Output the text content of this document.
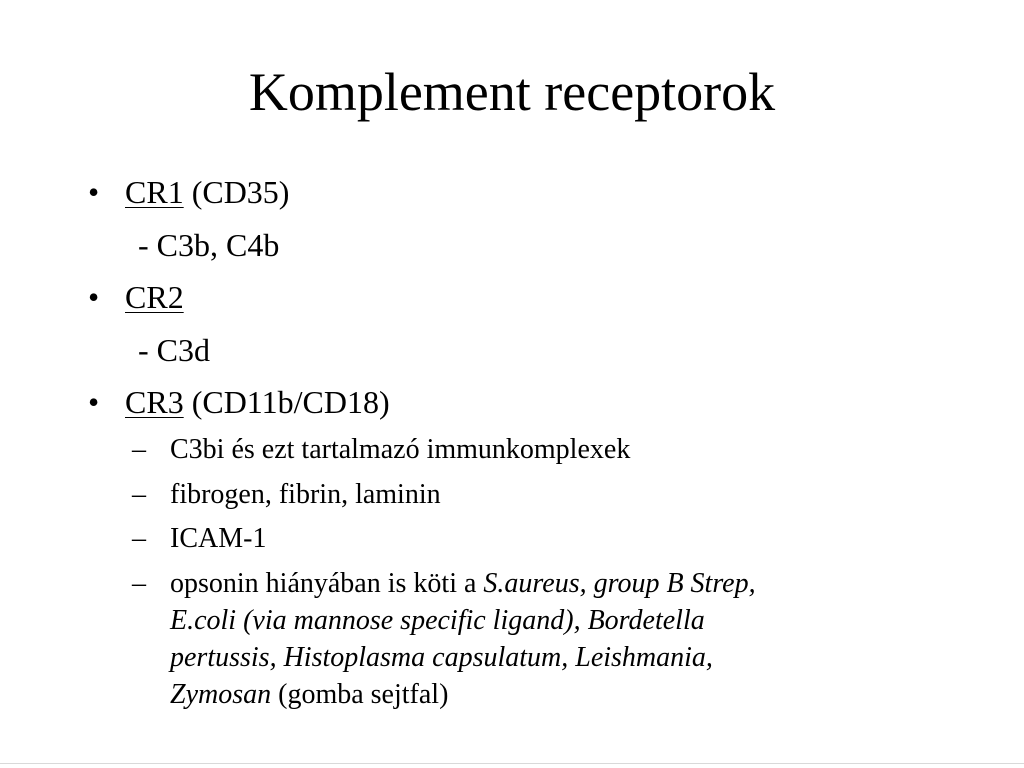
Komplement receptorok
• CR1 (CD35)
- C3b, C4b
• CR2
- C3d
• CR3 (CD11b/CD18)
– C3bi és ezt tartalmazó immunkomplexek
– fibrogen, fibrin, laminin
– ICAM-1
– opsonin hiányában is köti a S.aureus, group B Strep,
E.coli (via mannose specific ligand), Bordetella
pertussis, Histoplasma capsulatum, Leishmania,
Zymosan (gomba sejtfal)
